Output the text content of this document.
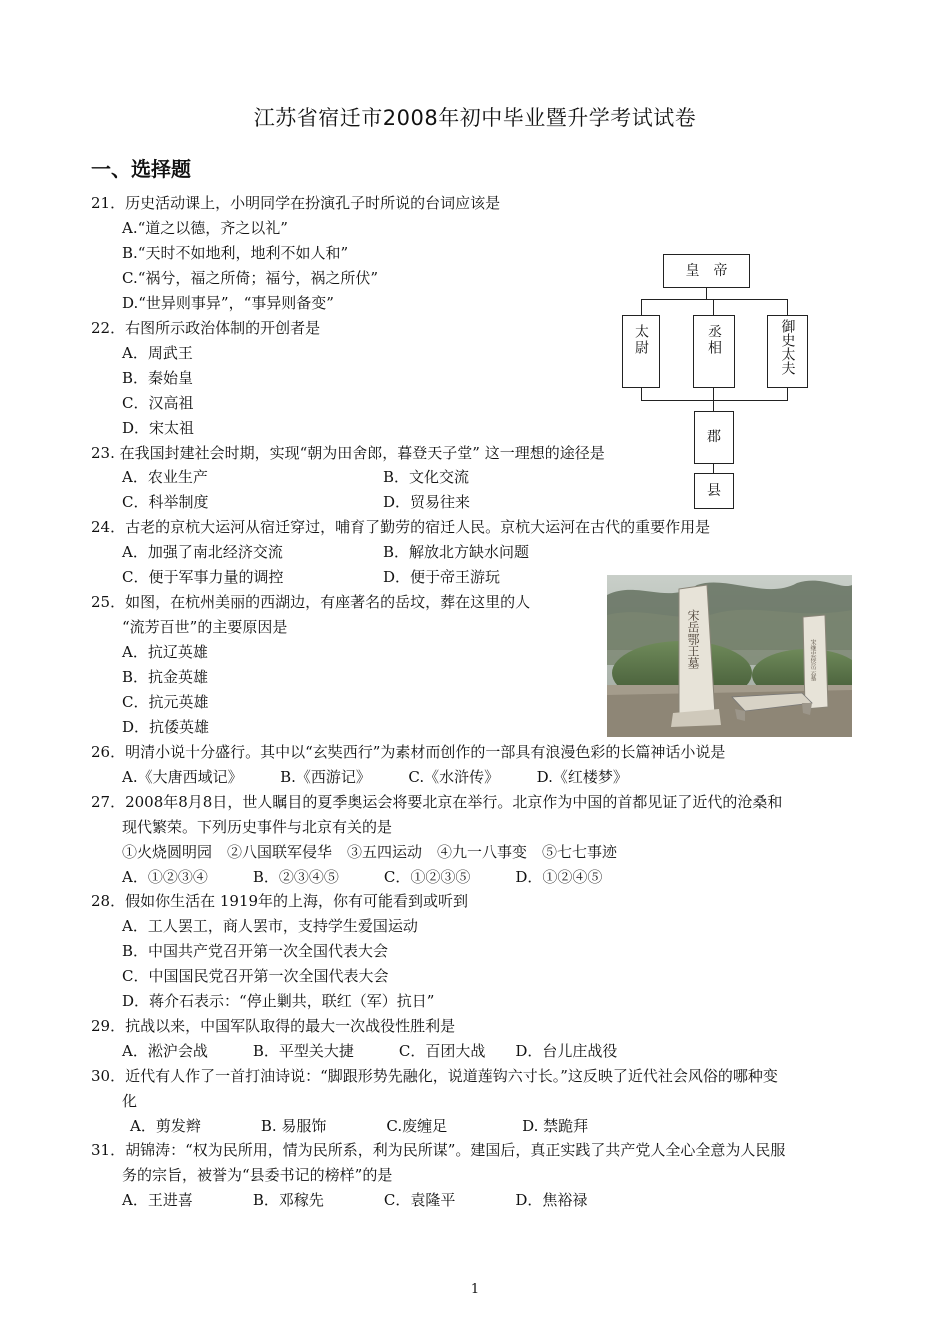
江苏省宿迁市2008年初中毕业暨升学考试试卷
一、选择题
21．历史活动课上，小明同学在扮演孔子时所说的台词应该是
A.“道之以德，齐之以礼”
B.“天时不如地利，地利不如人和”
C.“祸兮，福之所倚；福兮，祸之所伏”
D.“世异则事异”，“事异则备变”
22．右图所示政治体制的开创者是
A．周武王
B．秦始皇
C．汉高祖
D．宋太祖
皇　帝
太尉	丞相	御史太夫
郡
县
23. 在我国封建社会时期，实现“朝为田舍郎，暮登天子堂” 这一理想的途径是
A．农业生产	B．文化交流
C．科举制度	D．贸易往来
24．古老的京杭大运河从宿迁穿过，哺育了勤劳的宿迁人民。京杭大运河在古代的重要作用是
A．加强了南北经济交流	B．解放北方缺水问题
C．便于军事力量的调控	D．便于帝王游玩
25．如图，在杭州美丽的西湖边，有座著名的岳坟，葬在这里的人
“流芳百世”的主要原因是
A．抗辽英雄
B．抗金英雄
C．抗元英雄
D．抗倭英雄
宋岳鄂王墓	宋继忠侯岳云墓
26．明清小说十分盛行。其中以“玄奘西行”为素材而创作的一部具有浪漫色彩的长篇神话小说是
A.《大唐西域记》　　　B.《西游记》　　　C.《水浒传》　　　D.《红楼梦》
27．2008年8月8日，世人瞩目的夏季奥运会将要北京在举行。北京作为中国的首都见证了近代的沧桑和
现代繁荣。下列历史事件与北京有关的是
①火烧圆明园　②八国联军侵华　③五四运动　④九一八事变　⑤七七事迹
A．①②③④　　　B．②③④⑤　　　C．①②③⑤　　　D．①②④⑤
28．假如你生活在 1919年的上海，你有可能看到或听到
A．工人罢工，商人罢市，支持学生爱国运动
B．中国共产党召开第一次全国代表大会
C．中国国民党召开第一次全国代表大会
D．蒋介石表示：“停止剿共，联红（军）抗日”
29．抗战以来，中国军队取得的最大一次战役性胜利是
A．淞沪会战　　　B．平型关大捷　　　C．百团大战　　D．台儿庄战役
30．近代有人作了一首打油诗说：“脚跟形势先融化，说道莲钩六寸长。”这反映了近代社会风俗的哪种变
化
A．剪发辫　　　　B. 易服饰　　　　C.废缠足　　　　　D. 禁跪拜
31．胡锦涛：“权为民所用，情为民所系，利为民所谋”。建国后，真正实践了共产党人全心全意为人民服
务的宗旨，被誉为“县委书记的榜样”的是
A．王进喜　　　　B．邓稼先　　　　C．袁隆平　　　　D．焦裕禄
1
